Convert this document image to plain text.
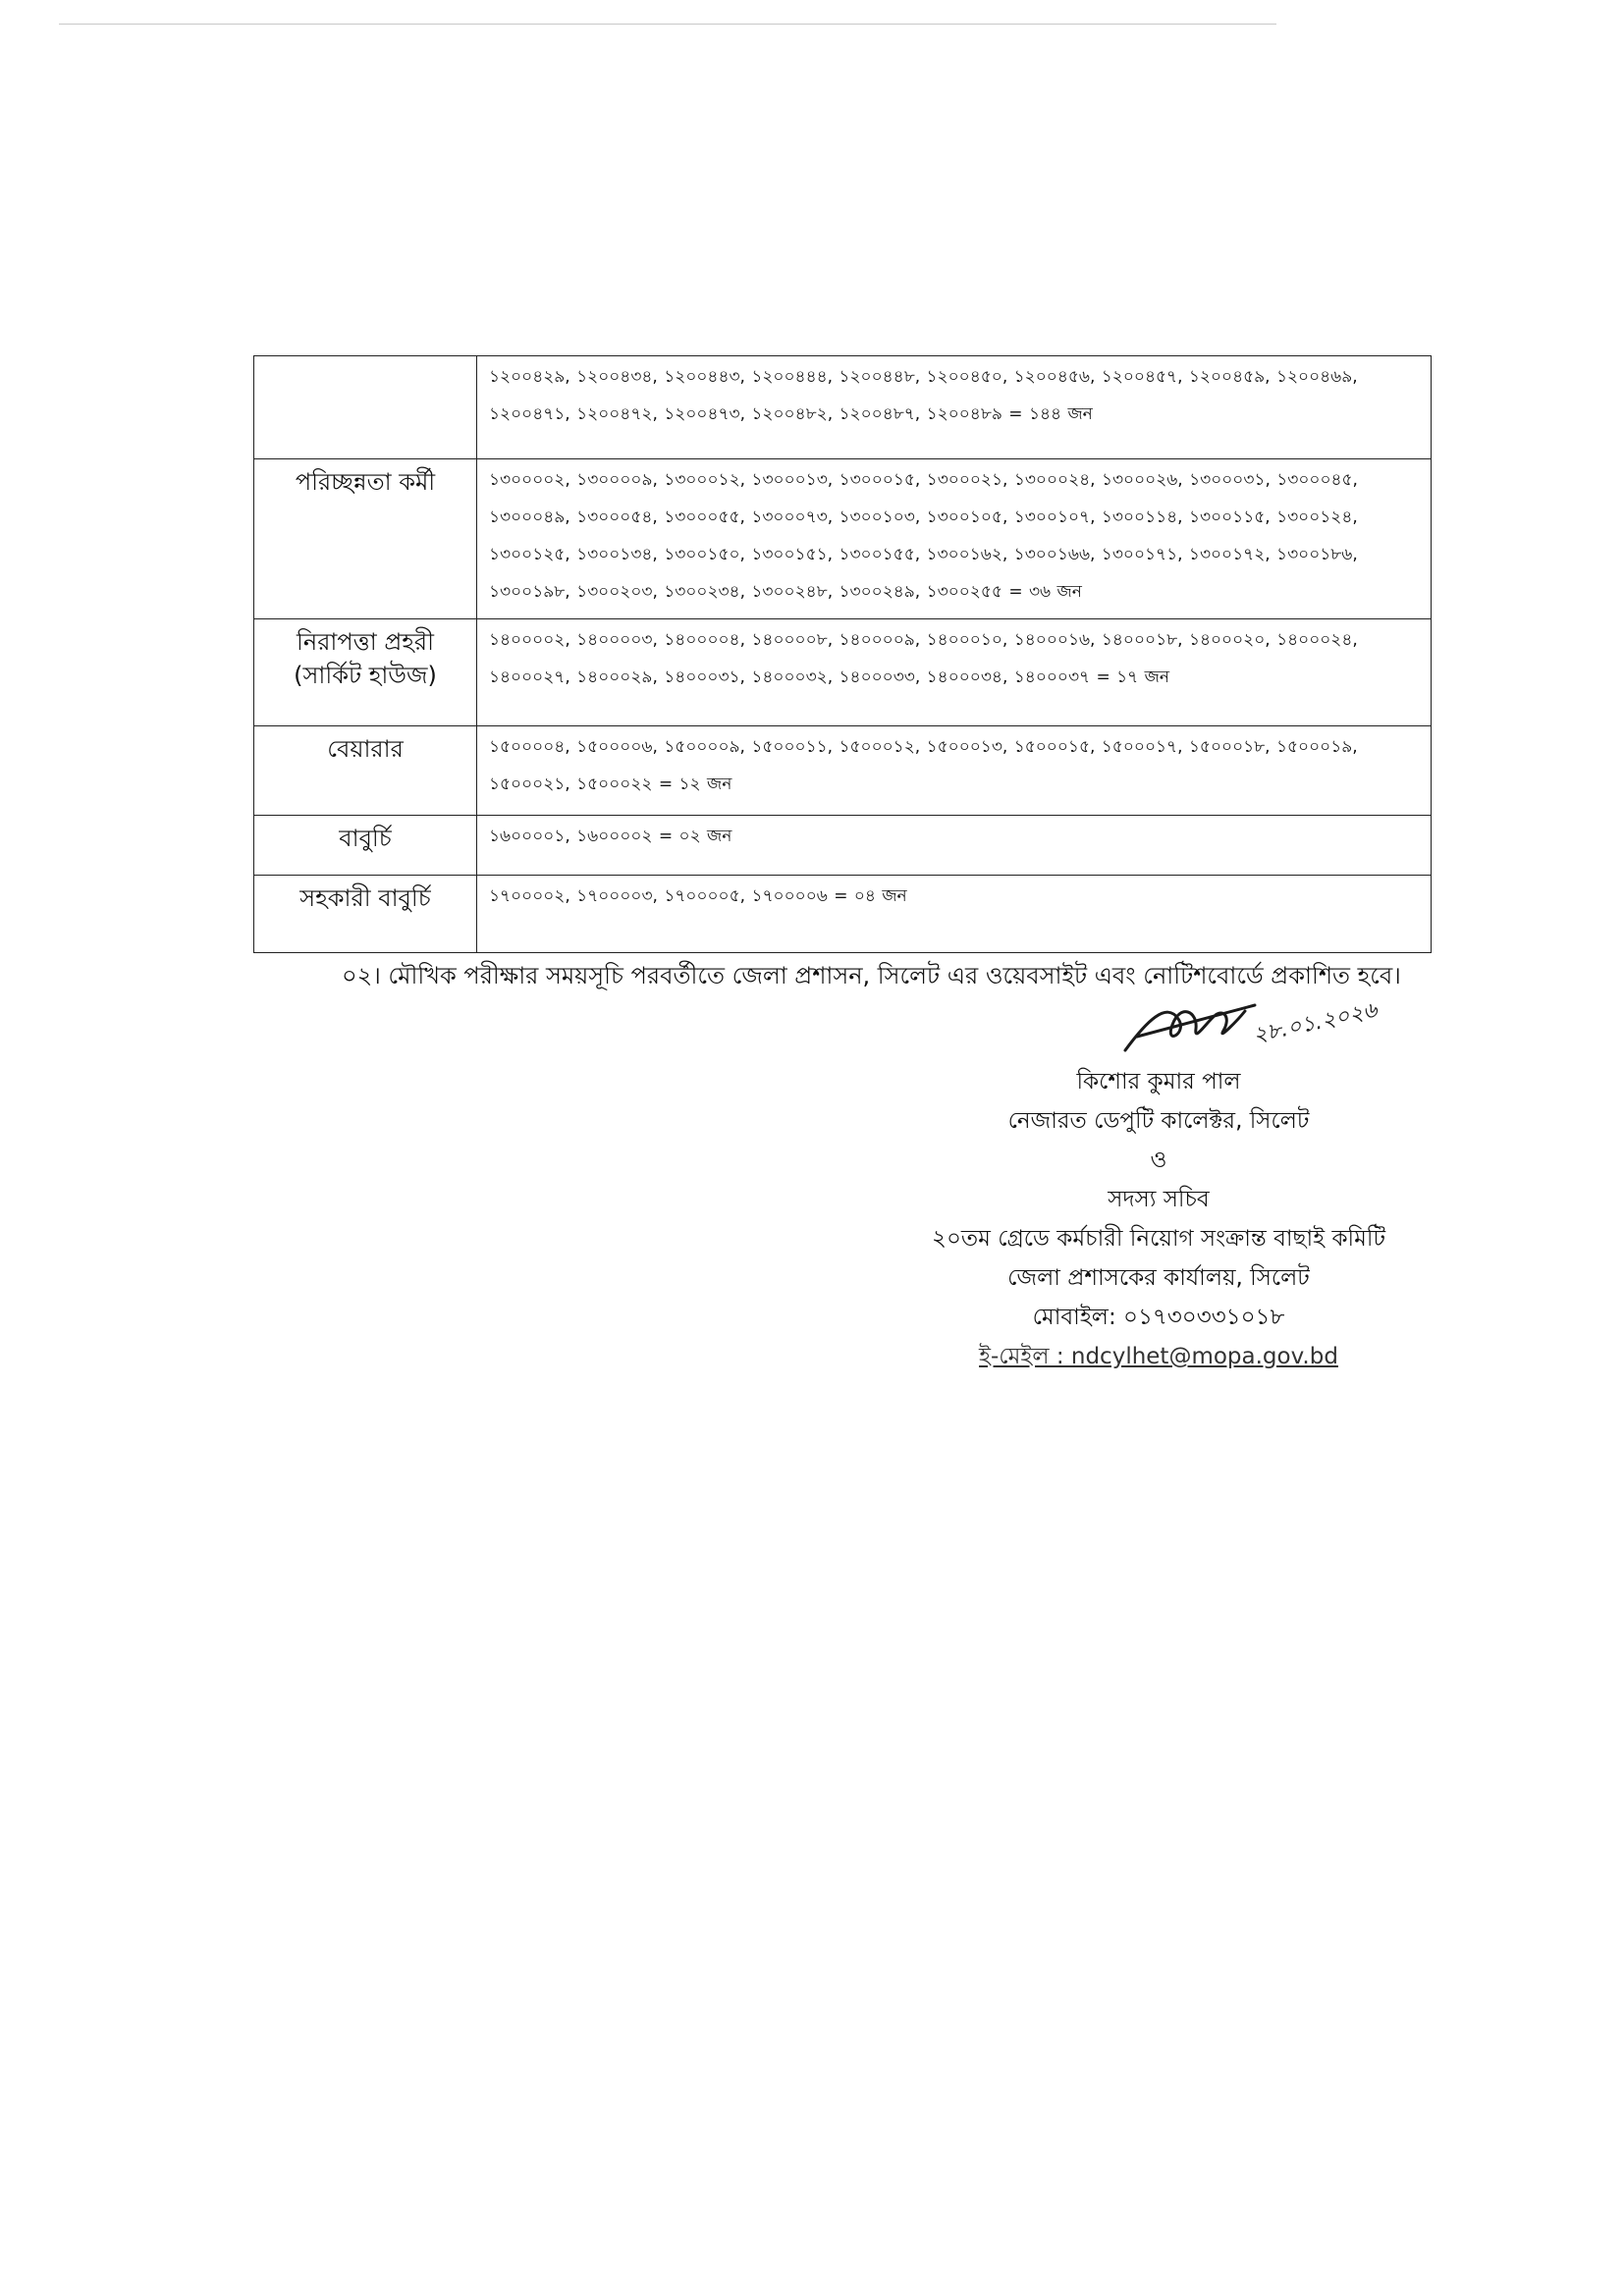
	১২০০৪২৯, ১২০০৪৩৪, ১২০০৪৪৩, ১২০০৪৪৪, ১২০০৪৪৮, ১২০০৪৫০, ১২০০৪৫৬, ১২০০৪৫৭, ১২০০৪৫৯, ১২০০৪৬৯, ১২০০৪৭১, ১২০০৪৭২, ১২০০৪৭৩, ১২০০৪৮২, ১২০০৪৮৭, ১২০০৪৮৯ = ১৪৪ জন
পরিচ্ছন্নতা কর্মী	১৩০০০০২, ১৩০০০০৯, ১৩০০০১২, ১৩০০০১৩, ১৩০০০১৫, ১৩০০০২১, ১৩০০০২৪, ১৩০০০২৬, ১৩০০০৩১, ১৩০০০৪৫, ১৩০০০৪৯, ১৩০০০৫৪, ১৩০০০৫৫, ১৩০০০৭৩, ১৩০০১০৩, ১৩০০১০৫, ১৩০০১০৭, ১৩০০১১৪, ১৩০০১১৫, ১৩০০১২৪, ১৩০০১২৫, ১৩০০১৩৪, ১৩০০১৫০, ১৩০০১৫১, ১৩০০১৫৫, ১৩০০১৬২, ১৩০০১৬৬, ১৩০০১৭১, ১৩০০১৭২, ১৩০০১৮৬, ১৩০০১৯৮, ১৩০০২০৩, ১৩০০২৩৪, ১৩০০২৪৮, ১৩০০২৪৯, ১৩০০২৫৫ = ৩৬ জন
নিরাপত্তা প্রহরী (সার্কিট হাউজ)	১৪০০০০২, ১৪০০০০৩, ১৪০০০০৪, ১৪০০০০৮, ১৪০০০০৯, ১৪০০০১০, ১৪০০০১৬, ১৪০০০১৮, ১৪০০০২০, ১৪০০০২৪, ১৪০০০২৭, ১৪০০০২৯, ১৪০০০৩১, ১৪০০০৩২, ১৪০০০৩৩, ১৪০০০৩৪, ১৪০০০৩৭ = ১৭ জন
বেয়ারার	১৫০০০০৪, ১৫০০০০৬, ১৫০০০০৯, ১৫০০০১১, ১৫০০০১২, ১৫০০০১৩, ১৫০০০১৫, ১৫০০০১৭, ১৫০০০১৮, ১৫০০০১৯, ১৫০০০২১, ১৫০০০২২ = ১২ জন
বাবুর্চি	১৬০০০০১, ১৬০০০০২ = ০২ জন
সহকারী বাবুর্চি	১৭০০০০২, ১৭০০০০৩, ১৭০০০০৫, ১৭০০০০৬ = ০৪ জন

০২। মৌখিক পরীক্ষার সময়সূচি পরবর্তীতে জেলা প্রশাসন, সিলেট এর ওয়েবসাইট এবং নোটিশবোর্ডে প্রকাশিত হবে।

২৮.০১.২০২৬
কিশোর কুমার পাল
নেজারত ডেপুটি কালেক্টর, সিলেট
ও
সদস্য সচিব
২০তম গ্রেডে কর্মচারী নিয়োগ সংক্রান্ত বাছাই কমিটি
জেলা প্রশাসকের কার্যালয়, সিলেট
মোবাইল: ০১৭৩০৩৩১০১৮
ই-মেইল : ndcylhet@mopa.gov.bd
